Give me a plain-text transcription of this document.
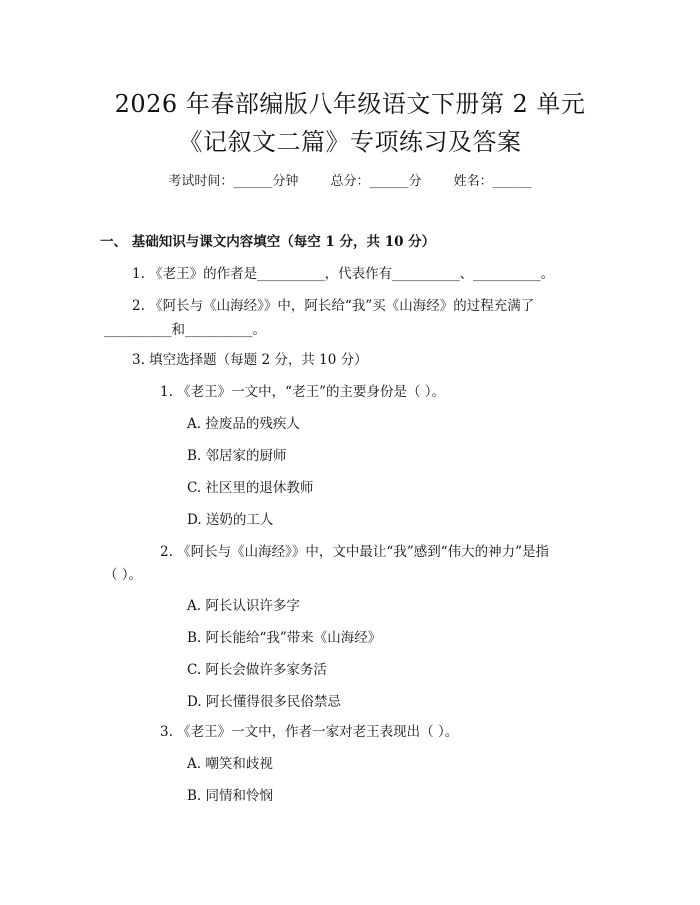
2026 年春部编版八年级语文下册第 2 单元
《记叙文二篇》专项练习及答案
考试时间：______分钟 总分：______分 姓名：______
一、 基础知识与课文内容填空（每空 1 分，共 10 分）
1. 《老王》的作者是__________，代表作有__________、__________。
2. 《阿长与《山海经》》中，阿长给“我”买《山海经》的过程充满了
__________和__________。
3. 填空选择题（每题 2 分，共 10 分）
1. 《老王》一文中，“老王”的主要身份是（ ）。
A. 捡废品的残疾人
B. 邻居家的厨师
C. 社区里的退休教师
D. 送奶的工人
2. 《阿长与《山海经》》中，文中最让“我”感到“伟大的神力”是指
（ ）。
A. 阿长认识许多字
B. 阿长能给“我”带来《山海经》
C. 阿长会做许多家务活
D. 阿长懂得很多民俗禁忌
3. 《老王》一文中，作者一家对老王表现出（ ）。
A. 嘲笑和歧视
B. 同情和怜悯
